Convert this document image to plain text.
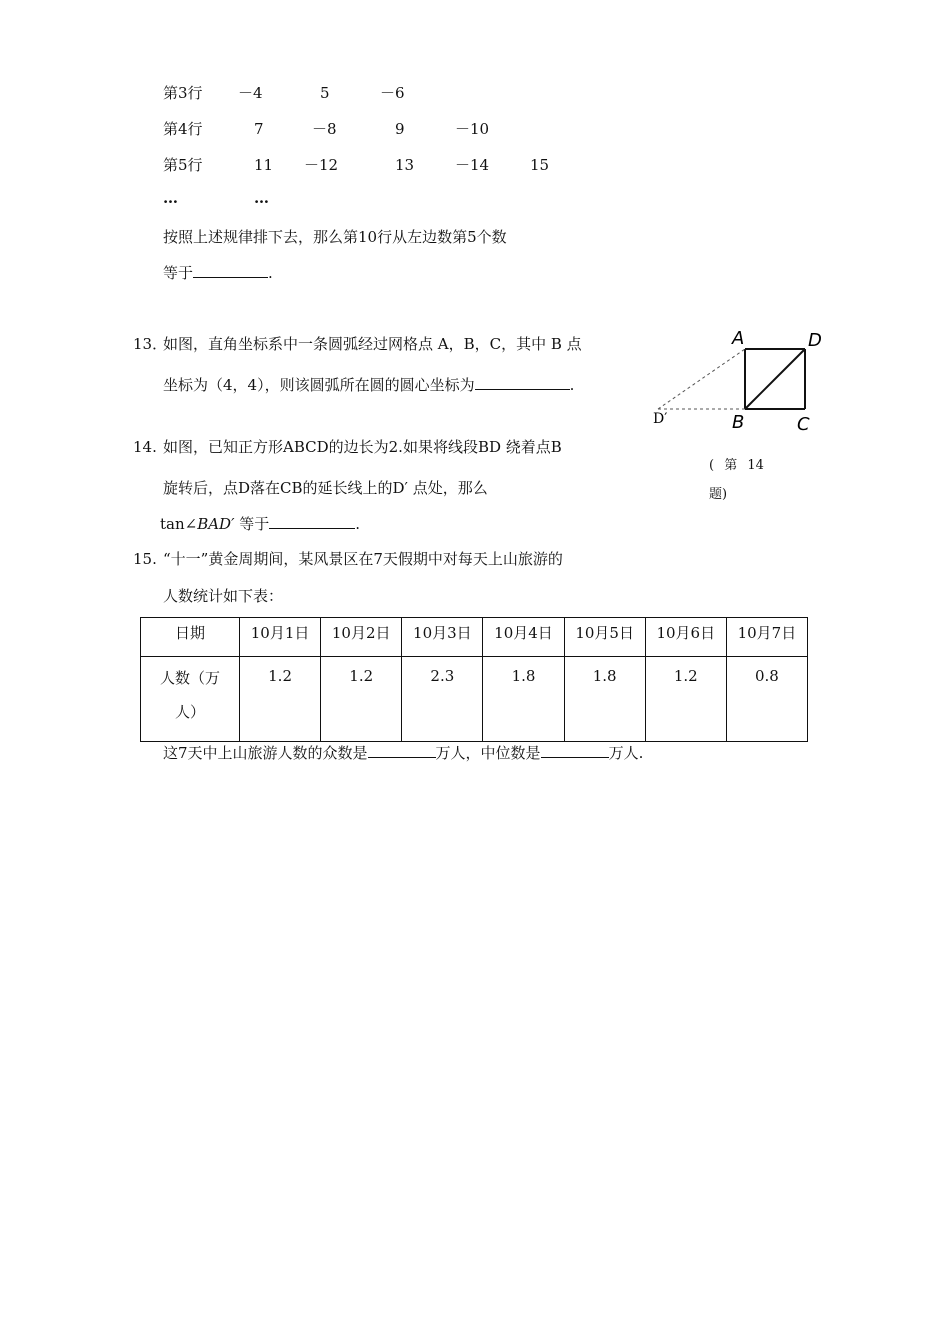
第3行 －4	5	－6
第4行	7	－8	9	－10
第5行	11 －12	13	－14	15
…	…
按照上述规律排下去，那么第10行从左边数第5个数
等于	.
13．
如图，直角坐标系中一条圆弧经过网格点 A，B，C，其中 B 点
坐标为（4，4），则该圆弧所在圆的圆心坐标为	.
14. 如图，已知正方形ABCD的边长为2.如果将线段BD 绕着点B
旋转后，点D落在CB的延长线上的D′ 点处，那么
tan∠BAD′ 等于	.
A	D
B	C
D′
( 第 14
题)
15. “十一”黄金周期间，某风景区在7天假期中对每天上山旅游的
人数统计如下表：
日期	10月1日	10月2日	10月3日	10月4日	10月5日	10月6日	10月7日

人数（万
人）	1.2	1.2	2.3	1.8	1.8	1.2	0.8
这7天中上山旅游人数的众数是	万人，中位数是	万人.
